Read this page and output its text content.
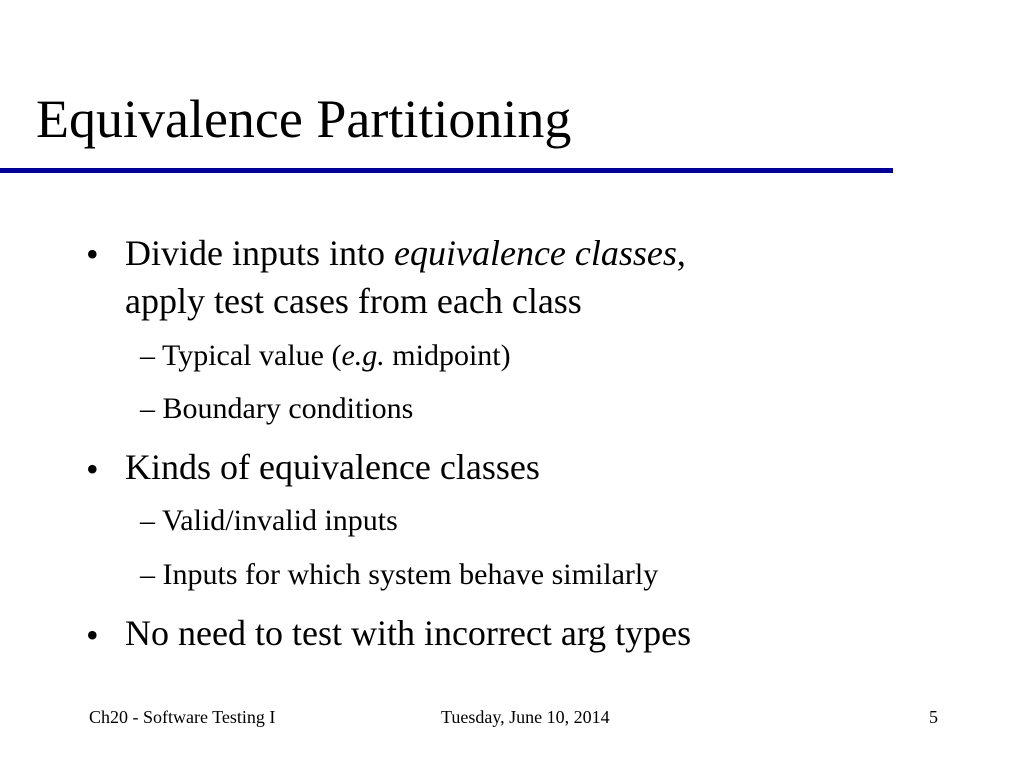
Equivalence Partitioning
• Divide inputs into equivalence classes,
apply test cases from each class
– Typical value (e.g. midpoint)
– Boundary conditions
• Kinds of equivalence classes
– Valid/invalid inputs
– Inputs for which system behave similarly
• No need to test with incorrect arg types
Ch20 - Software Testing I	Tuesday, June 10, 2014	5
